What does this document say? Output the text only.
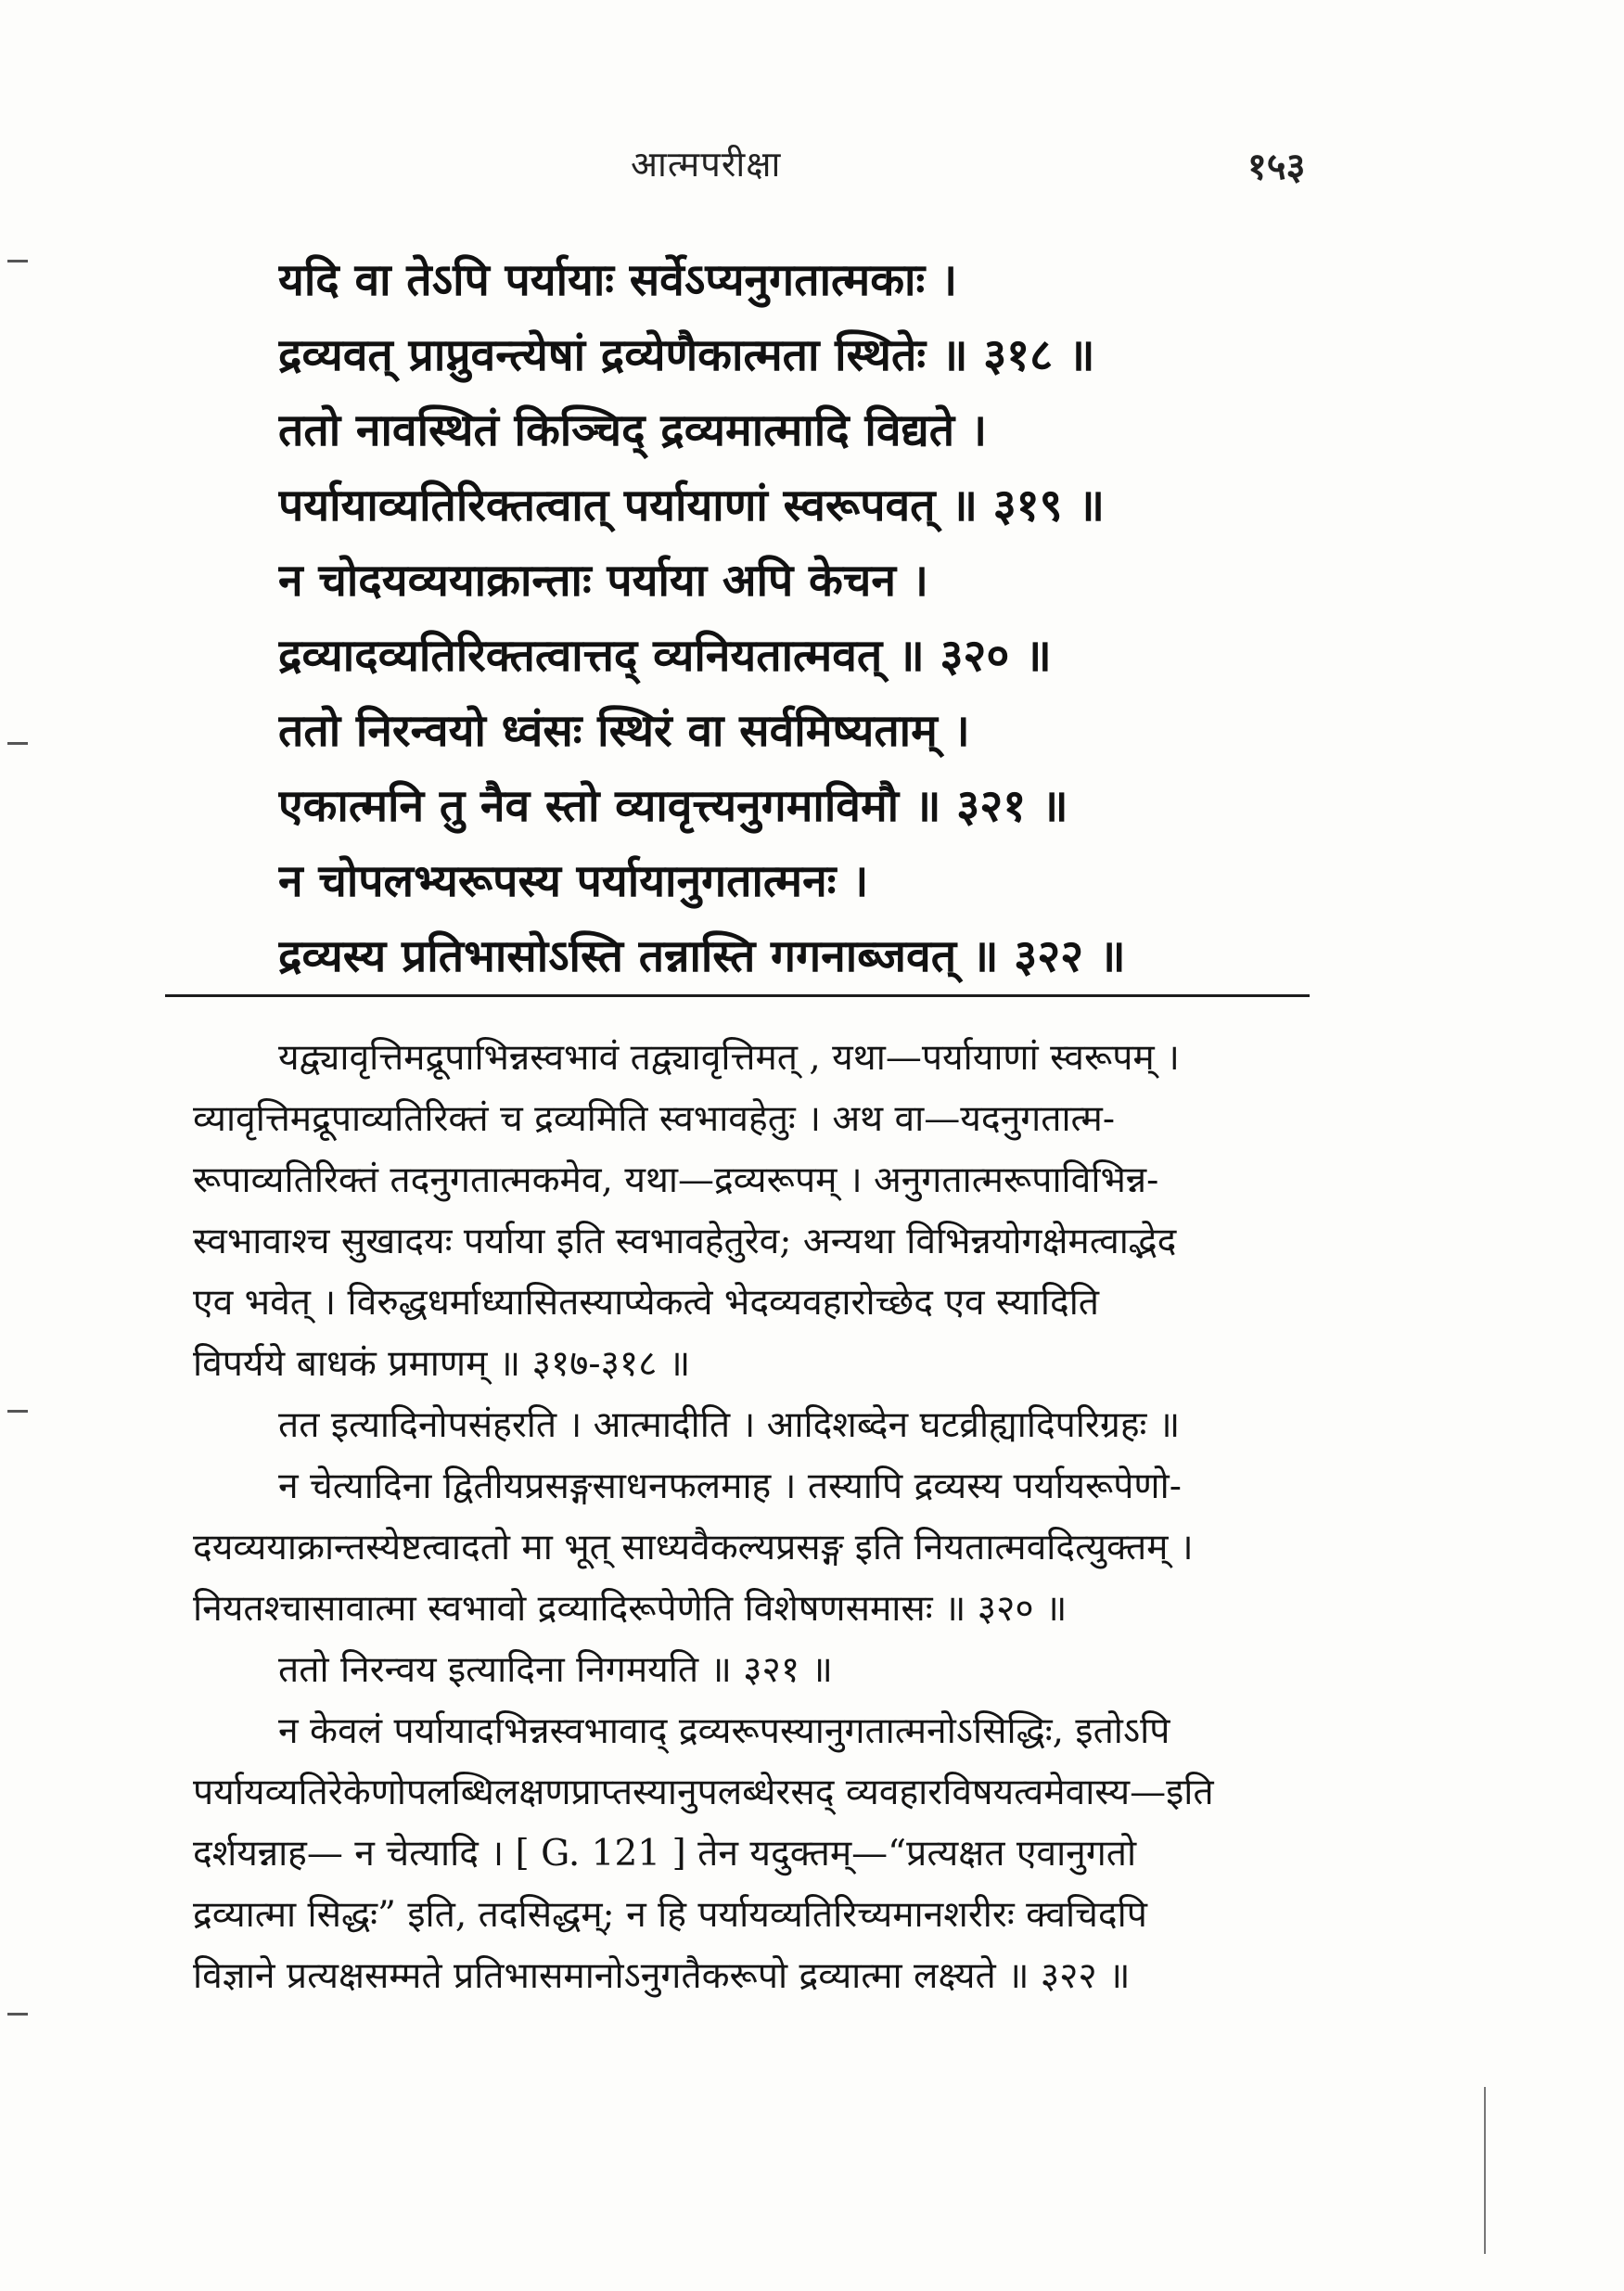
आत्मपरीक्षा	१५३
यदि वा तेऽपि पर्यायाः सर्वेऽप्यनुगतात्मकाः ।
द्रव्यवत् प्राप्नुवन्त्येषां द्रव्येणैकात्मता स्थितेः ॥ ३१८ ॥
ततो नावस्थितं किञ्चिद् द्रव्यमात्मादि विद्यते ।
पर्यायाव्यतिरिक्तत्वात् पर्यायाणां स्वरूपवत् ॥ ३१९ ॥
न चोदयव्ययाक्रान्ताः पर्याया अपि केचन ।
द्रव्यादव्यतिरिक्तत्वात्तद् व्यनियतात्मवत् ॥ ३२० ॥
ततो निरन्वयो ध्वंसः स्थिरं वा सर्वमिष्यताम् ।
एकात्मनि तु नैव स्तो व्यावृत्त्यनुगमाविमौ ॥ ३२१ ॥
न चोपलभ्यरूपस्य पर्यायानुगतात्मनः ।
द्रव्यस्य प्रतिभासोऽस्ति तन्नास्ति गगनाब्जवत् ॥ ३२२ ॥
यद्व्यावृत्तिमद्रूपाभिन्नस्वभावं तद्व्यावृत्तिमत् , यथा—पर्यायाणां स्वरूपम् ।
व्यावृत्तिमद्रूपाव्यतिरिक्तं च द्रव्यमिति स्वभावहेतुः । अथ वा—यदनुगतात्म-
रूपाव्यतिरिक्तं तदनुगतात्मकमेव, यथा—द्रव्यरूपम् । अनुगतात्मरूपाविभिन्न-
स्वभावाश्च सुखादयः पर्याया इति स्वभावहेतुरेव; अन्यथा विभिन्नयोगक्षेमत्वाद्भेद
एव भवेत् । विरुद्धधर्माध्यासितस्याप्येकत्वे भेदव्यवहारोच्छेद एव स्यादिति
विपर्यये बाधकं प्रमाणम् ॥ ३१७-३१८ ॥
तत इत्यादिनोपसंहरति । आत्मादीति । आदिशब्देन घटव्रीह्यादिपरिग्रहः ॥
न चेत्यादिना द्वितीयप्रसङ्गसाधनफलमाह । तस्यापि द्रव्यस्य पर्यायरूपेणो-
दयव्ययाक्रान्तस्येष्टत्वादतो मा भूत् साध्यवैकल्यप्रसङ्ग इति नियतात्मवदित्युक्तम् ।
नियतश्चासावात्मा स्वभावो द्रव्यादिरूपेणेति विशेषणसमासः ॥ ३२० ॥
ततो निरन्वय इत्यादिना निगमयति ॥ ३२१ ॥
न केवलं पर्यायादभिन्नस्वभावाद् द्रव्यरूपस्यानुगतात्मनोऽसिद्धिः, इतोऽपि
पर्यायव्यतिरेकेणोपलब्धिलक्षणप्राप्तस्यानुपलब्धेरसद् व्यवहारविषयत्वमेवास्य—इति
दर्शयन्नाह— न चेत्यादि । [ G. 121 ] तेन यदुक्तम्—“प्रत्यक्षत एवानुगतो
द्रव्यात्मा सिद्धः” इति, तदसिद्धम्; न हि पर्यायव्यतिरिच्यमानशरीरः क्वचिदपि
विज्ञाने प्रत्यक्षसम्मते प्रतिभासमानोऽनुगतैकरूपो द्रव्यात्मा लक्ष्यते ॥ ३२२ ॥
